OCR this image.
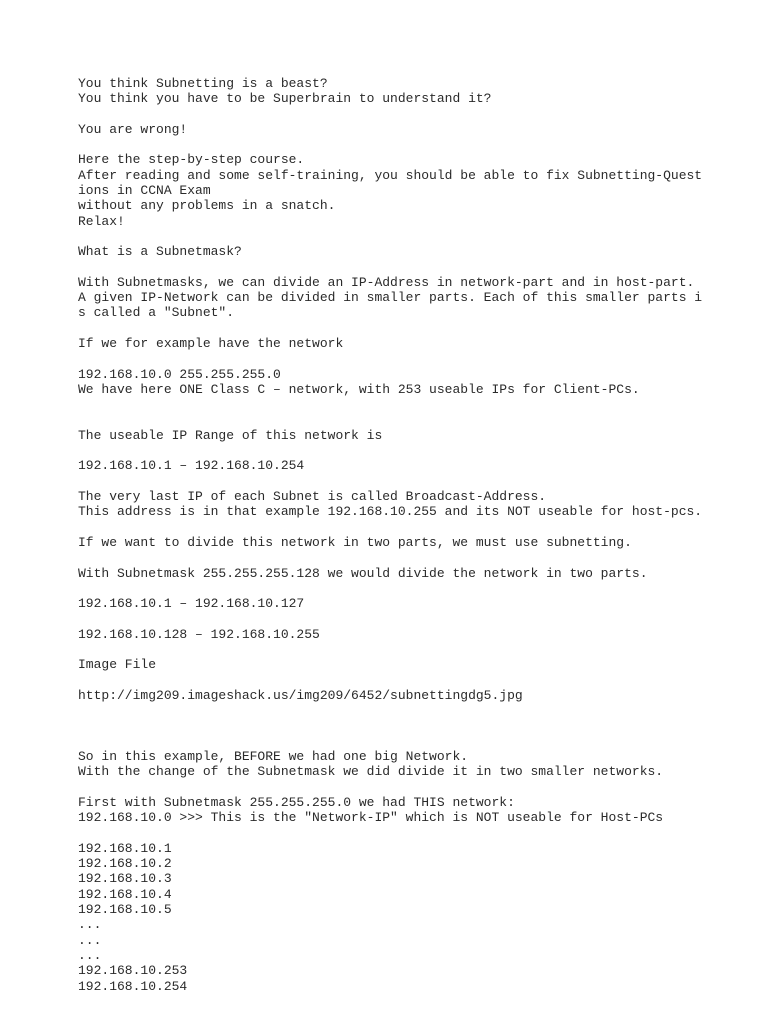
You think Subnetting is a beast?
You think you have to be Superbrain to understand it?
You are wrong!
Here the step-by-step course.
After reading and some self-training, you should be able to fix Subnetting-Quest
ions in CCNA Exam
without any problems in a snatch.
Relax!
What is a Subnetmask?
With Subnetmasks, we can divide an IP-Address in network-part and in host-part.
A given IP-Network can be divided in smaller parts. Each of this smaller parts i
s called a "Subnet".
If we for example have the network
192.168.10.0 255.255.255.0
We have here ONE Class C – network, with 253 useable IPs for Client-PCs.
The useable IP Range of this network is
192.168.10.1 – 192.168.10.254
The very last IP of each Subnet is called Broadcast-Address.
This address is in that example 192.168.10.255 and its NOT useable for host-pcs.
If we want to divide this network in two parts, we must use subnetting.
With Subnetmask 255.255.255.128 we would divide the network in two parts.
192.168.10.1 – 192.168.10.127
192.168.10.128 – 192.168.10.255
Image File
http://img209.imageshack.us/img209/6452/subnettingdg5.jpg
So in this example, BEFORE we had one big Network.
With the change of the Subnetmask we did divide it in two smaller networks.
First with Subnetmask 255.255.255.0 we had THIS network:
192.168.10.0 >>> This is the "Network-IP" which is NOT useable for Host-PCs
192.168.10.1
192.168.10.2
192.168.10.3
192.168.10.4
192.168.10.5
...
...
...
192.168.10.253
192.168.10.254
